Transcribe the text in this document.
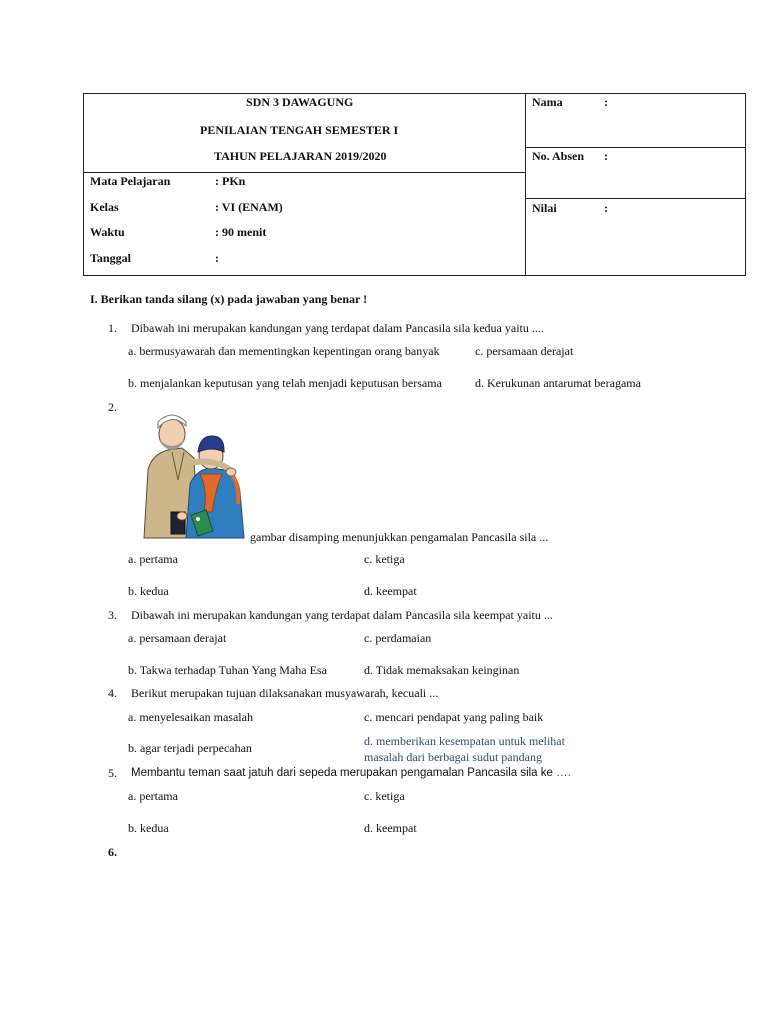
SDN 3 DAWAGUNG
PENILAIAN TENGAH SEMESTER I
TAHUN PELAJARAN 2019/2020
Mata Pelajaran	: PKn
Kelas	: VI (ENAM)
Waktu	: 90 menit
Tanggal	:
Nama	:
No. Absen :
Nilai	:
I. Berikan tanda silang (x) pada jawaban yang benar !
1. Dibawah ini merupakan kandungan yang terdapat dalam Pancasila sila kedua yaitu ....
a. bermusyawarah dan mementingkan kepentingan orang banyak	c. persamaan derajat
b. menjalankan keputusan yang telah menjadi keputusan bersama	d. Kerukunan antarumat beragama
2.
gambar disamping menunjukkan pengamalan Pancasila sila ...
a. pertama	c. ketiga
b. kedua	d. keempat
3. Dibawah ini merupakan kandungan yang terdapat dalam Pancasila sila keempat yaitu ...
a. persamaan derajat	c. perdamaian
b. Takwa terhadap Tuhan Yang Maha Esa	d. Tidak memaksakan keinginan
4. Berikut merupakan tujuan dilaksanakan musyawarah, kecuali ...
a. menyelesaikan masalah	c. mencari pendapat yang paling baik
b. agar terjadi perpecahan	d. memberikan kesempatan untuk melihat
masalah dari berbagai sudut pandang
5. Membantu teman saat jatuh dari sepeda merupakan pengamalan Pancasila sila ke ….
a. pertama	c. ketiga
b. kedua	d. keempat
6.
